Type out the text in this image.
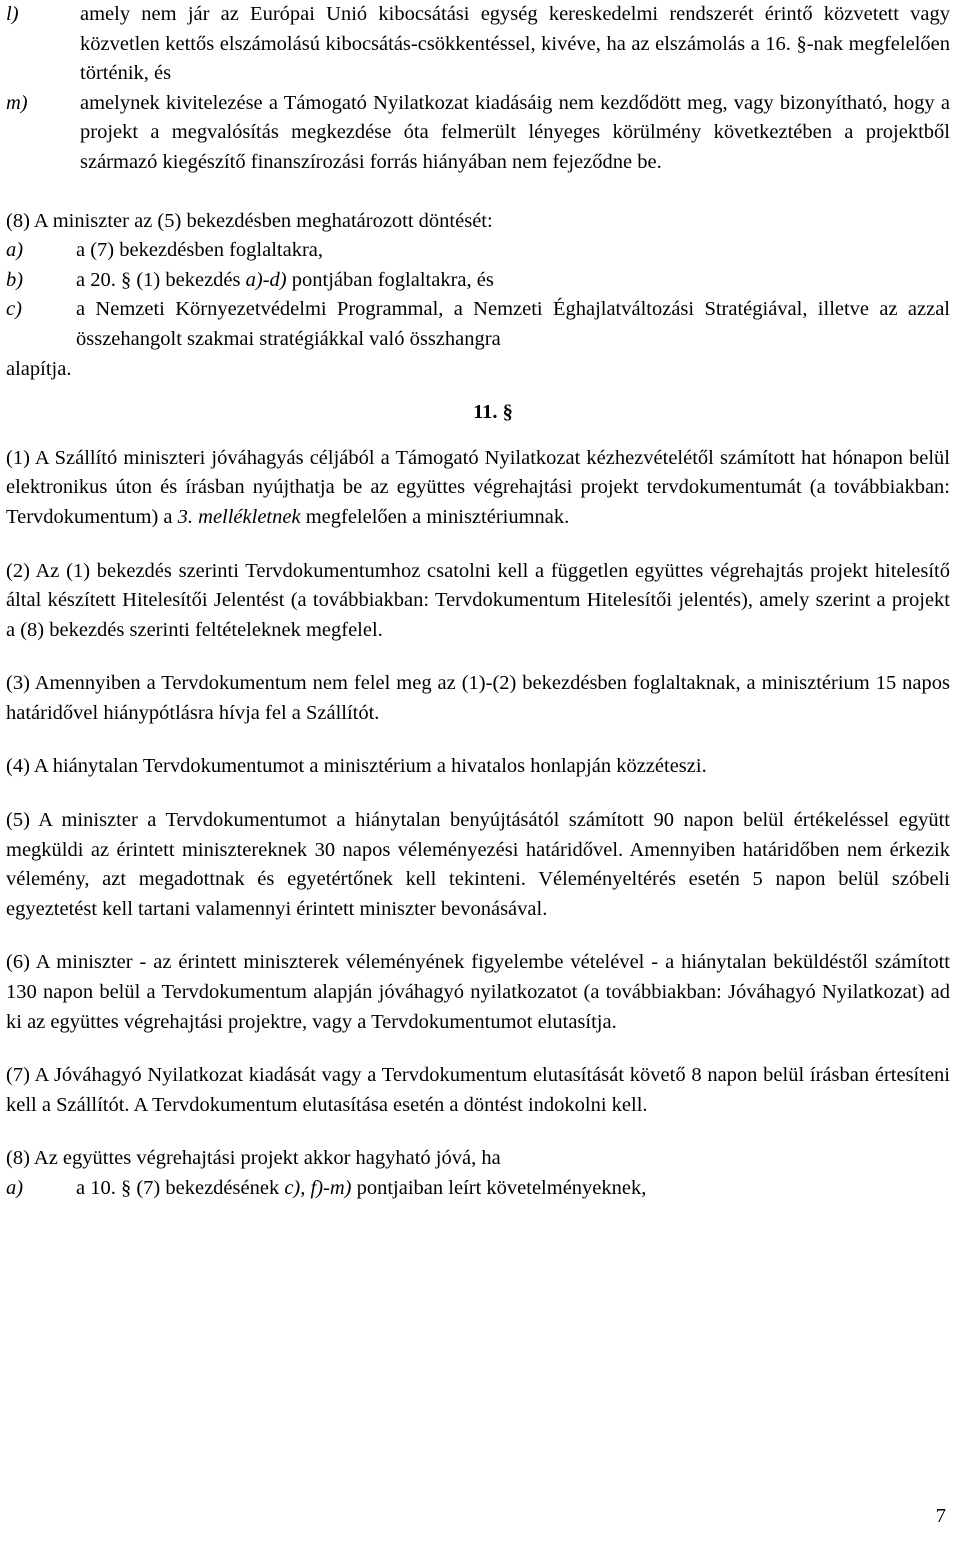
l)	amely nem jár az Európai Unió kibocsátási egység kereskedelmi rendszerét érintő közvetett vagy közvetlen kettős elszámolású kibocsátás-csökkentéssel, kivéve, ha az elszámolás a 16. §-nak megfelelően történik, és
m)	amelynek kivitelezése a Támogató Nyilatkozat kiadásáig nem kezdődött meg, vagy bizonyítható, hogy a projekt a megvalósítás megkezdése óta felmerült lényeges körülmény következtében a projektből származó kiegészítő finanszírozási forrás hiányában nem fejeződne be.
(8) A miniszter az (5) bekezdésben meghatározott döntését:
a)	a (7) bekezdésben foglaltakra,
b)	a 20. § (1) bekezdés a)-d) pontjában foglaltakra, és
c)	a Nemzeti Környezetvédelmi Programmal, a Nemzeti Éghajlatváltozási Stratégiával, illetve az azzal összehangolt szakmai stratégiákkal való összhangra
alapítja.
11. §
(1) A Szállító miniszteri jóváhagyás céljából a Támogató Nyilatkozat kézhezvételétől számított hat hónapon belül elektronikus úton és írásban nyújthatja be az együttes végrehajtási projekt tervdokumentumát (a továbbiakban: Tervdokumentum) a 3. mellékletnek megfelelően a minisztériumnak.
(2) Az (1) bekezdés szerinti Tervdokumentumhoz csatolni kell a független együttes végrehajtás projekt hitelesítő által készített Hitelesítői Jelentést (a továbbiakban: Tervdokumentum Hitelesítői jelentés), amely szerint a projekt a (8) bekezdés szerinti feltételeknek megfelel.
(3) Amennyiben a Tervdokumentum nem felel meg az (1)-(2) bekezdésben foglaltaknak, a minisztérium 15 napos határidővel hiánypótlásra hívja fel a Szállítót.
(4) A hiánytalan Tervdokumentumot a minisztérium a hivatalos honlapján közzéteszi.
(5) A miniszter a Tervdokumentumot a hiánytalan benyújtásától számított 90 napon belül értékeléssel együtt megküldi az érintett minisztereknek 30 napos véleményezési határidővel. Amennyiben határidőben nem érkezik vélemény, azt megadottnak és egyetértőnek kell tekinteni. Véleményeltérés esetén 5 napon belül szóbeli egyeztetést kell tartani valamennyi érintett miniszter bevonásával.
(6) A miniszter - az érintett miniszterek véleményének figyelembe vételével - a hiánytalan beküldéstől számított 130 napon belül a Tervdokumentum alapján jóváhagyó nyilatkozatot (a továbbiakban: Jóváhagyó Nyilatkozat) ad ki az együttes végrehajtási projektre, vagy a Tervdokumentumot elutasítja.
(7) A Jóváhagyó Nyilatkozat kiadását vagy a Tervdokumentum elutasítását követő 8 napon belül írásban értesíteni kell a Szállítót. A Tervdokumentum elutasítása esetén a döntést indokolni kell.
(8) Az együttes végrehajtási projekt akkor hagyható jóvá, ha
a)	a 10. § (7) bekezdésének c), f)-m) pontjaiban leírt követelményeknek,
7
